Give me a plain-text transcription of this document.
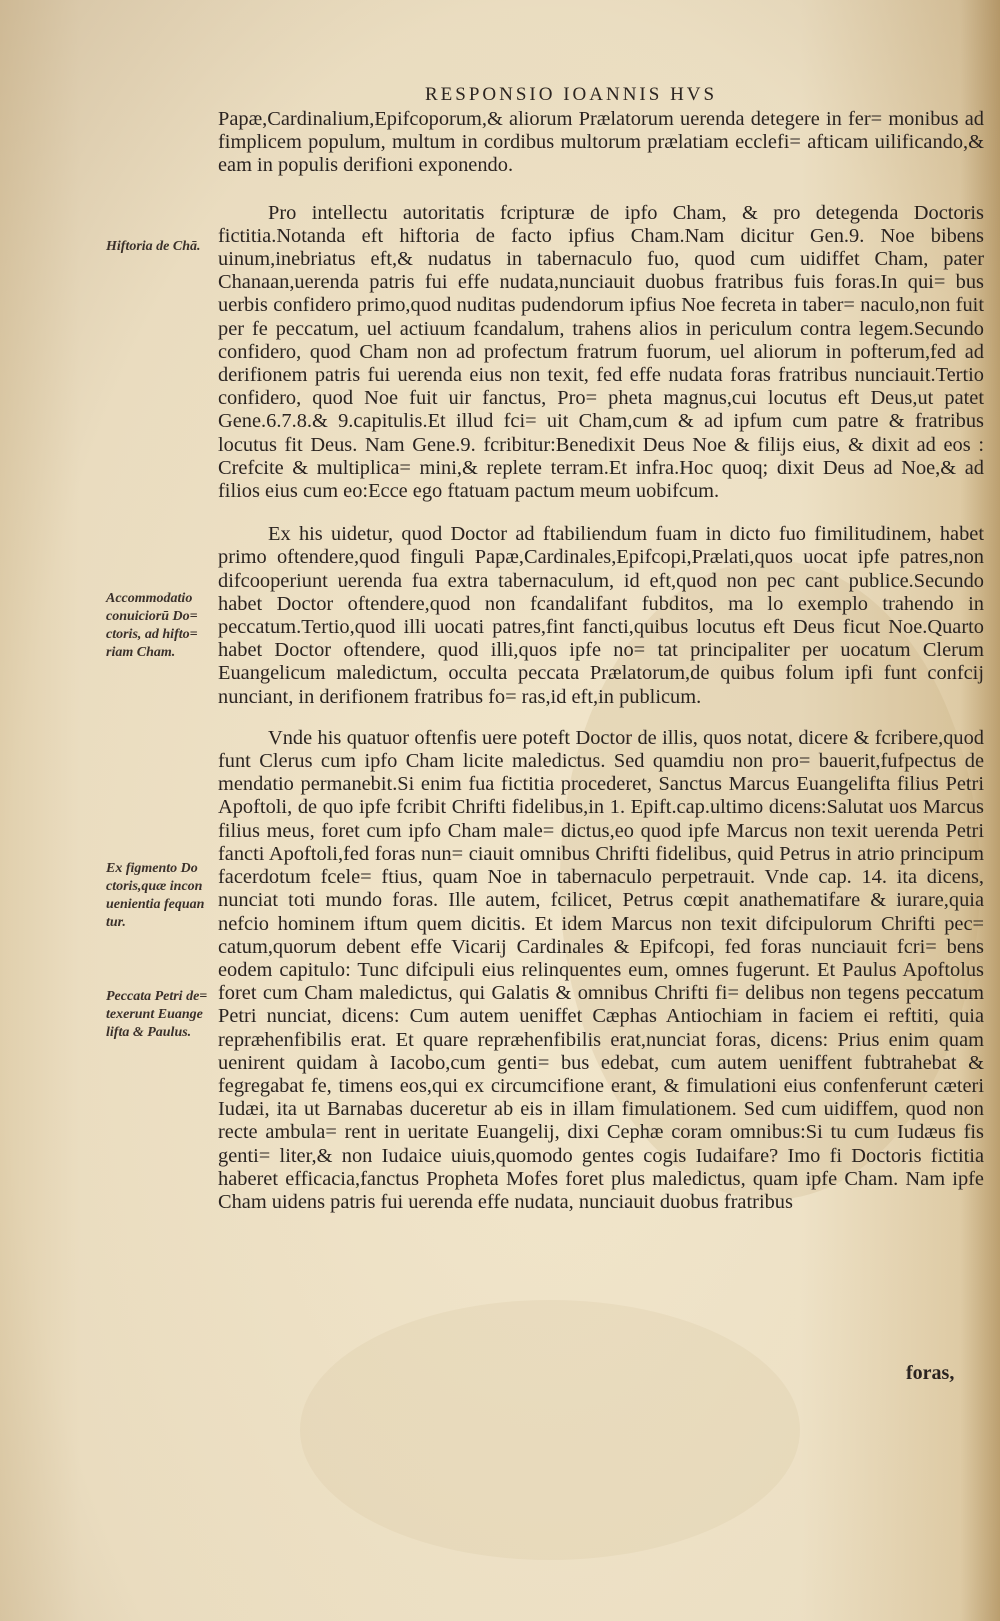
RESPONSIO IOANNIS HVS

Papæ,Cardinalium,Epifcoporum,& aliorum Prælatorum uerenda detegere in fer= monibus ad fimplicem populum, multum in cordibus multorum prælatiam ecclefi= afticam uilificando,& eam in populis derifioni exponendo.

Pro intellectu autoritatis fcripturæ de ipfo Cham, & pro detegenda Doctoris fictitia.Notanda eft hiftoria de facto ipfius Cham.Nam dicitur Gen.9. Noe bibens uinum,inebriatus eft,& nudatus in tabernaculo fuo, quod cum uidiffet Cham, pater Chanaan,uerenda patris fui effe nudata,nunciauit duobus fratribus fuis foras.In qui= bus uerbis confidero primo,quod nuditas pudendorum ipfius Noe fecreta in taber= naculo,non fuit per fe peccatum, uel actiuum fcandalum, trahens alios in periculum contra legem.Secundo confidero, quod Cham non ad profectum fratrum fuorum, uel aliorum in pofterum,fed ad derifionem patris fui uerenda eius non texit, fed effe nudata foras fratribus nunciauit.Tertio confidero, quod Noe fuit uir fanctus, Pro= pheta magnus,cui locutus eft Deus,ut patet Gene.6.7.8.& 9.capitulis.Et illud fci= uit Cham,cum & ad ipfum cum patre & fratribus locutus fit Deus. Nam Gene.9. fcribitur:Benedixit Deus Noe & filijs eius, & dixit ad eos : Crefcite & multiplica= mini,& replete terram.Et infra.Hoc quoq; dixit Deus ad Noe,& ad filios eius cum eo:Ecce ego ftatuam pactum meum uobifcum.

Ex his uidetur, quod Doctor ad ftabiliendum fuam in dicto fuo fimilitudinem, habet primo oftendere,quod finguli Papæ,Cardinales,Epifcopi,Prælati,quos uocat ipfe patres,non difcooperiunt uerenda fua extra tabernaculum, id eft,quod non pec cant publice.Secundo habet Doctor oftendere,quod non fcandalifant fubditos, ma lo exemplo trahendo in peccatum.Tertio,quod illi uocati patres,fint fancti,quibus locutus eft Deus ficut Noe.Quarto habet Doctor oftendere, quod illi,quos ipfe no= tat principaliter per uocatum Clerum Euangelicum maledictum, occulta peccata Prælatorum,de quibus folum ipfi funt confcij nunciant, in derifionem fratribus fo= ras,id eft,in publicum.

Vnde his quatuor oftenfis uere poteft Doctor de illis, quos notat, dicere & fcribere,quod funt Clerus cum ipfo Cham licite maledictus. Sed quamdiu non pro= bauerit,fufpectus de mendatio permanebit.Si enim fua fictitia procederet, Sanctus Marcus Euangelifta filius Petri Apoftoli, de quo ipfe fcribit Chrifti fidelibus,in 1. Epift.cap.ultimo dicens:Salutat uos Marcus filius meus, foret cum ipfo Cham male= dictus,eo quod ipfe Marcus non texit uerenda Petri fancti Apoftoli,fed foras nun= ciauit omnibus Chrifti fidelibus, quid Petrus in atrio principum facerdotum fcele= ftius, quam Noe in tabernaculo perpetrauit. Vnde cap. 14. ita dicens, nunciat toti mundo foras. Ille autem, fcilicet, Petrus cœpit anathematifare & iurare,quia nefcio hominem iftum quem dicitis. Et idem Marcus non texit difcipulorum Chrifti pec= catum,quorum debent effe Vicarij Cardinales & Epifcopi, fed foras nunciauit fcri= bens eodem capitulo: Tunc difcipuli eius relinquentes eum, omnes fugerunt. Et Paulus Apoftolus foret cum Cham maledictus, qui Galatis & omnibus Chrifti fi= delibus non tegens peccatum Petri nunciat, dicens: Cum autem ueniffet Cæphas Antiochiam in faciem ei reftiti, quia repræhenfibilis erat. Et quare repræhenfibilis erat,nunciat foras, dicens: Prius enim quam uenirent quidam à Iacobo,cum genti= bus edebat, cum autem ueniffent fubtrahebat & fegregabat fe, timens eos,qui ex circumcifione erant, & fimulationi eius confenferunt cæteri Iudæi, ita ut Barnabas duceretur ab eis in illam fimulationem. Sed cum uidiffem, quod non recte ambula= rent in ueritate Euangelij, dixi Cephæ coram omnibus:Si tu cum Iudæus fis genti= liter,& non Iudaice uiuis,quomodo gentes cogis Iudaifare? Imo fi Doctoris fictitia haberet efficacia,fanctus Propheta Mofes foret plus maledictus, quam ipfe Cham. Nam ipfe Cham uidens patris fui uerenda effe nudata, nunciauit duobus fratribus

Hiftoria de Chā.
Accommodatio conuiciorū Do= ctoris, ad hifto= riam Cham.
Ex figmento Do ctoris,quæ incon uenientia fequan tur.
Peccata Petri de= texerunt Euange lifta & Paulus.
foras,
